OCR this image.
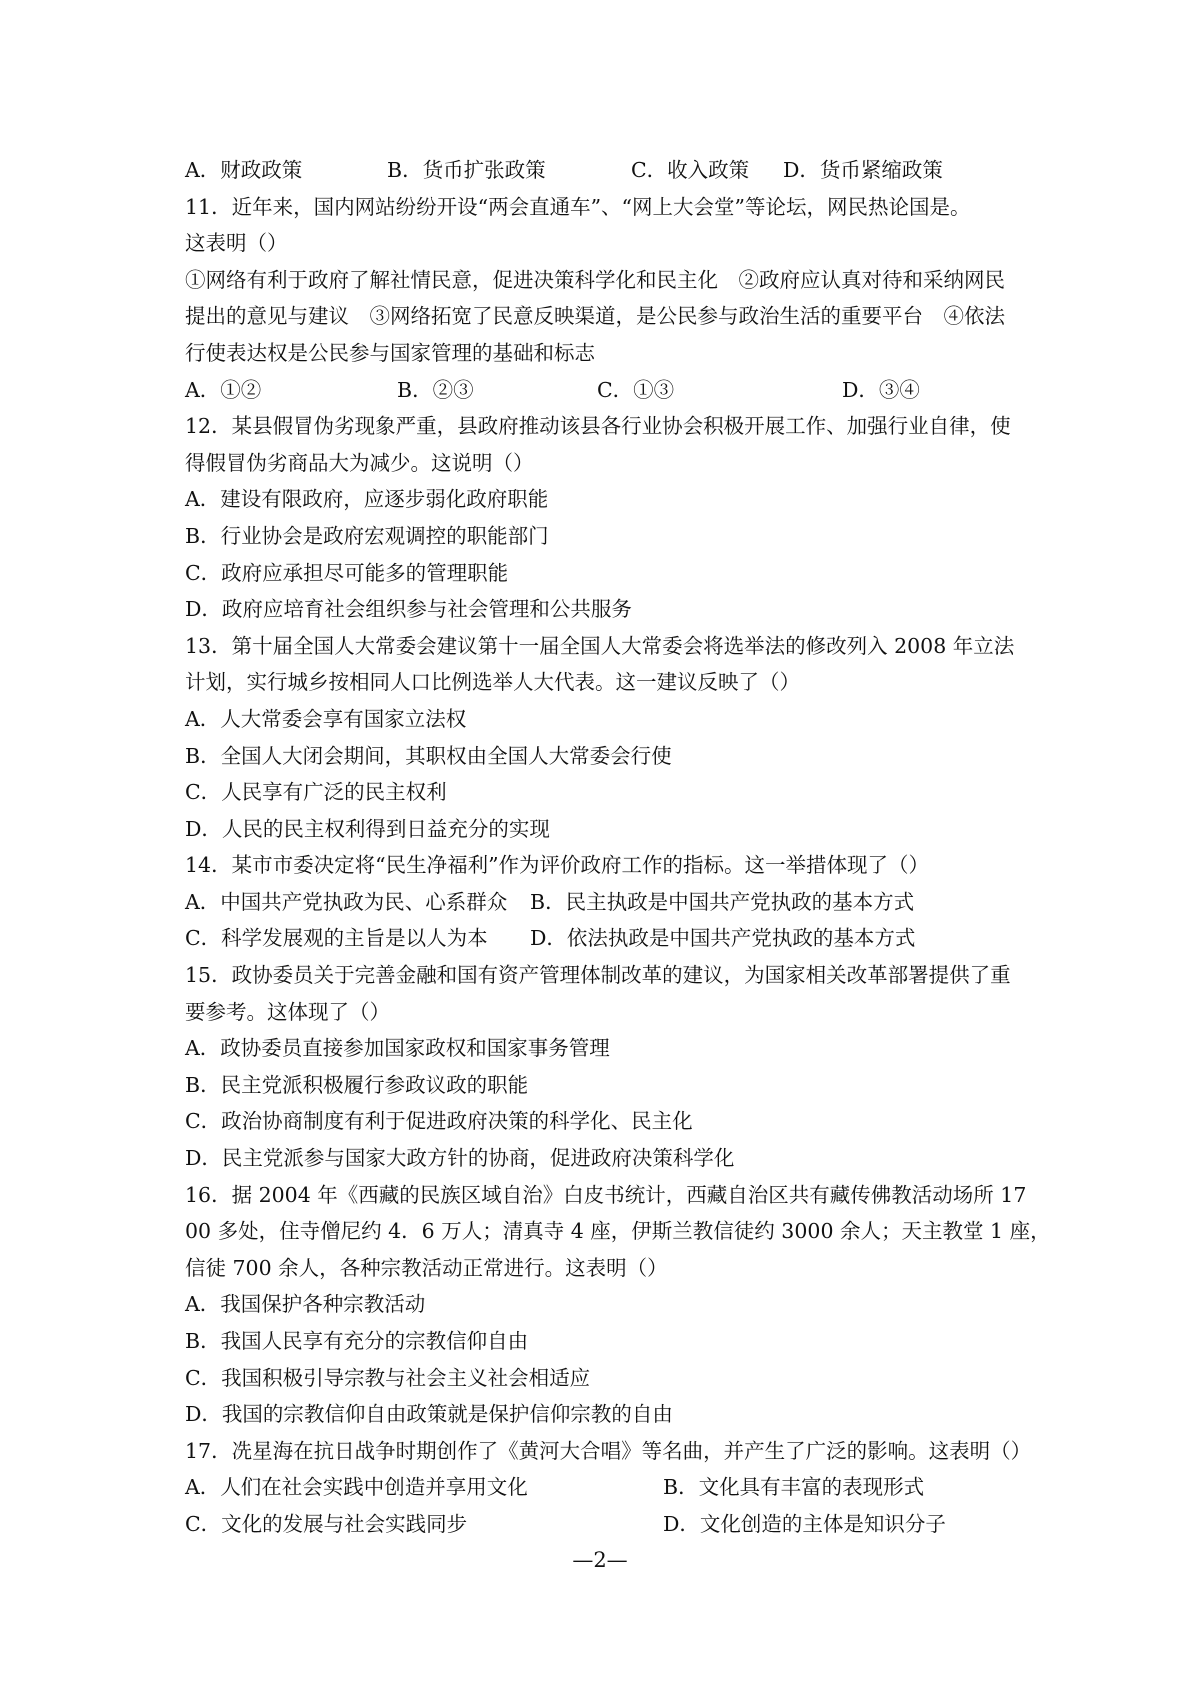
A．财政政策	B．货币扩张政策	C．收入政策	D．货币紧缩政策
11．近年来，国内网站纷纷开设“两会直通车”、“网上大会堂”等论坛，网民热论国是。
这表明（）
①网络有利于政府了解社情民意，促进决策科学化和民主化　②政府应认真对待和采纳网民
提出的意见与建议　③网络拓宽了民意反映渠道，是公民参与政治生活的重要平台　④依法
行使表达权是公民参与国家管理的基础和标志
A．①②	B．②③	C．①③	D．③④
12．某县假冒伪劣现象严重，县政府推动该县各行业协会积极开展工作、加强行业自律，使
得假冒伪劣商品大为减少。这说明（）
A．建设有限政府，应逐步弱化政府职能
B．行业协会是政府宏观调控的职能部门
C．政府应承担尽可能多的管理职能
D．政府应培育社会组织参与社会管理和公共服务
13．第十届全国人大常委会建议第十一届全国人大常委会将选举法的修改列入 2008 年立法
计划，实行城乡按相同人口比例选举人大代表。这一建议反映了（）
A．人大常委会享有国家立法权
B．全国人大闭会期间，其职权由全国人大常委会行使
C．人民享有广泛的民主权利
D．人民的民主权利得到日益充分的实现
14．某市市委决定将“民生净福利”作为评价政府工作的指标。这一举措体现了（）
A．中国共产党执政为民、心系群众	B．民主执政是中国共产党执政的基本方式
C．科学发展观的主旨是以人为本	D．依法执政是中国共产党执政的基本方式
15．政协委员关于完善金融和国有资产管理体制改革的建议，为国家相关改革部署提供了重
要参考。这体现了（）
A．政协委员直接参加国家政权和国家事务管理
B．民主党派积极履行参政议政的职能
C．政治协商制度有利于促进政府决策的科学化、民主化
D．民主党派参与国家大政方针的协商，促进政府决策科学化
16．据 2004 年《西藏的民族区域自治》白皮书统计，西藏自治区共有藏传佛教活动场所 17
00 多处，住寺僧尼约 4．6 万人；清真寺 4 座，伊斯兰教信徒约 3000 余人；天主教堂 1 座，
信徒 700 余人，各种宗教活动正常进行。这表明（）
A．我国保护各种宗教活动
B．我国人民享有充分的宗教信仰自由
C．我国积极引导宗教与社会主义社会相适应
D．我国的宗教信仰自由政策就是保护信仰宗教的自由
17．冼星海在抗日战争时期创作了《黄河大合唱》等名曲，并产生了广泛的影响。这表明（）
A．人们在社会实践中创造并享用文化	B．文化具有丰富的表现形式
C．文化的发展与社会实践同步	D．文化创造的主体是知识分子
—2—
